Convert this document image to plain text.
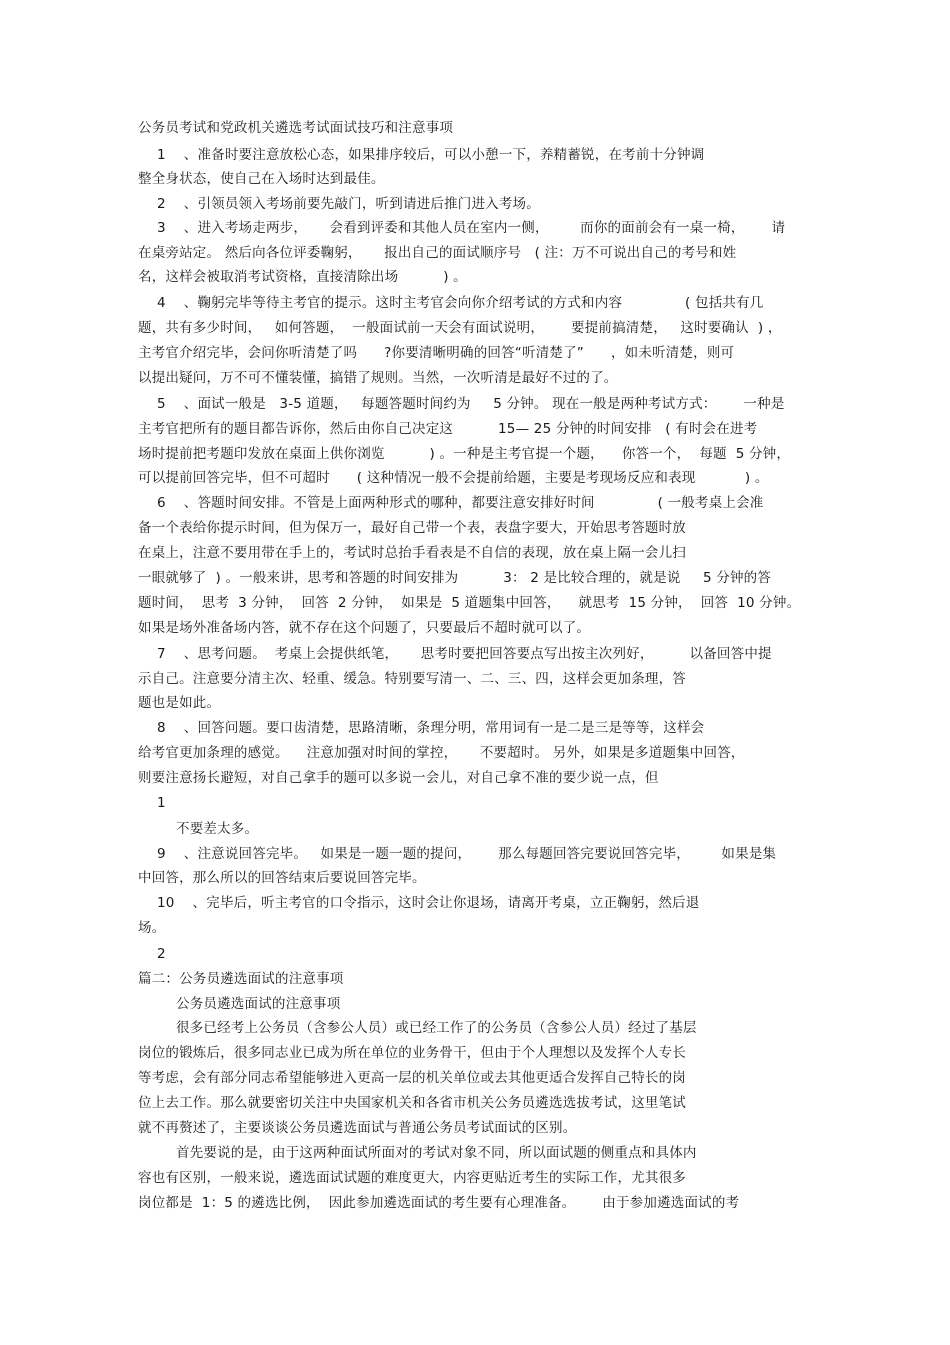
公务员考试和党政机关遴选考试面试技巧和注意事项
1    、准备时要注意放松心态，如果排序较后，可以小憩一下，养精蓄锐，在考前十分钟调
整全身状态，使自己在入场时达到最佳。
2    、引领员领入考场前要先敲门，听到请进后推门进入考场。
3    、进入考场走两步，     会看到评委和其他人员在室内一侧，       而你的面前会有一桌一椅，      请
在桌旁站定。 然后向各位评委鞠躬，     报出自己的面试顺序号   ( 注：万不可说出自己的考号和姓
名，这样会被取消考试资格，直接清除出场          ) 。
4    、鞠躬完毕等待主考官的提示。这时主考官会向你介绍考试的方式和内容              ( 包括共有几
题，共有多少时间，   如何答题，  一般面试前一天会有面试说明，      要提前搞清楚，   这时要确认  ) ，
主考官介绍完毕，会问你听清楚了吗      ?你要清晰明确的回答“听清楚了”      ，如未听清楚，则可
以提出疑问，万不可不懂装懂，搞错了规则。当然，一次听清是最好不过的了。
5    、面试一般是   3-5 道题，   每题答题时间约为     5 分钟。 现在一般是两种考试方式：      一种是
主考官把所有的题目都告诉你，然后由你自己决定这          15— 25 分钟的时间安排   ( 有时会在进考
场时提前把考题印发放在桌面上供你浏览          ) 。一种是主考官提一个题，    你答一个，  每题  5 分钟，
可以提前回答完毕，但不可超时      ( 这种情况一般不会提前给题，主要是考现场反应和表现           ) 。
6    、答题时间安排。不管是上面两种形式的哪种，都要注意安排好时间              ( 一般考桌上会准
备一个表给你提示时间，但为保万一，最好自己带一个表，表盘字要大，开始思考答题时放
在桌上，注意不要用带在手上的，考试时总抬手看表是不自信的表现，放在桌上隔一会儿扫
一眼就够了  ) 。一般来讲，思考和答题的时间安排为          3： 2 是比较合理的，就是说     5 分钟的答
题时间，  思考  3 分钟，  回答  2 分钟，  如果是  5 道题集中回答，    就思考  15 分钟，  回答  10 分钟。
如果是场外准备场内答，就不存在这个问题了，只要最后不超时就可以了。
7    、思考问题。  考桌上会提供纸笔，     思考时要把回答要点写出按主次列好，        以备回答中提
示自己。注意要分清主次、轻重、缓急。特别要写清一、二、三、四，这样会更加条理，答
题也是如此。
8    、回答问题。要口齿清楚，思路清晰，条理分明，常用词有一是二是三是等等，这样会
给考官更加条理的感觉。    注意加强对时间的掌控，     不要超时。 另外，如果是多道题集中回答，
则要注意扬长避短，对自己拿手的题可以多说一会儿，对自己拿不准的要少说一点，但
1
不要差太多。
9    、注意说回答完毕。   如果是一题一题的提问，      那么每题回答完要说回答完毕，       如果是集
中回答，那么所以的回答结束后要说回答完毕。
10    、完毕后，听主考官的口令指示，这时会让你退场，请离开考桌，立正鞠躬，然后退
场。
2
篇二：公务员遴选面试的注意事项
公务员遴选面试的注意事项
很多已经考上公务员（含参公人员）或已经工作了的公务员（含参公人员）经过了基层
岗位的锻炼后，很多同志业已成为所在单位的业务骨干，但由于个人理想以及发挥个人专长
等考虑，会有部分同志希望能够进入更高一层的机关单位或去其他更适合发挥自己特长的岗
位上去工作。那么就要密切关注中央国家机关和各省市机关公务员遴选选拔考试，这里笔试
就不再赘述了，主要谈谈公务员遴选面试与普通公务员考试面试的区别。
首先要说的是，由于这两种面试所面对的考试对象不同，所以面试题的侧重点和具体内
容也有区别，一般来说，遴选面试试题的难度更大，内容更贴近考生的实际工作，尤其很多
岗位都是  1：5 的遴选比例，  因此参加遴选面试的考生要有心理准备。      由于参加遴选面试的考
